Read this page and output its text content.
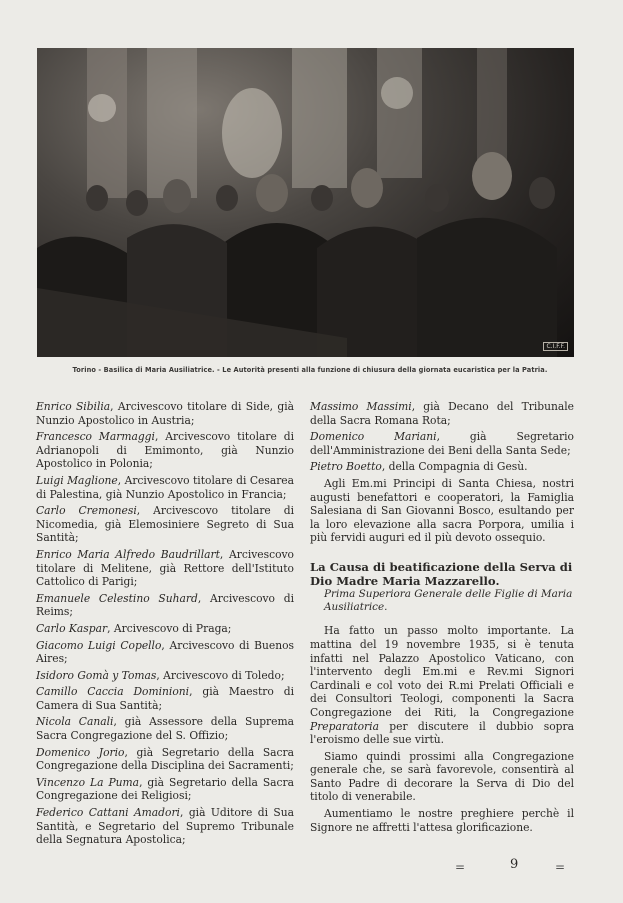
C.I.F.F.
Torino - Basilica di Maria Ausiliatrice. - Le Autorità presenti alla funzione di chiusura della giornata eucaristica per la Patria.

Enrico Sibilia, Arcivescovo titolare di Side, già Nunzio Apostolico in Austria;

Francesco Marmaggi, Arcivescovo titolare di Adrianopoli di Emimonto, già Nunzio Apostolico in Polonia;

Luigi Maglione, Arcivescovo titolare di Cesarea di Palestina, già Nunzio Apostolico in Francia;

Carlo Cremonesi, Arcivescovo titolare di Nicomedia, già Elemosiniere Segreto di Sua Santità;

Enrico Maria Alfredo Baudrillart, Arcivescovo titolare di Melitene, già Rettore dell'Istituto Cattolico di Parigi;

Emanuele Celestino Suhard, Arcivescovo di Reims;

Carlo Kaspar, Arcivescovo di Praga;

Giacomo Luigi Copello, Arcivescovo di Buenos Aires;

Isidoro Gomà y Tomas, Arcivescovo di Toledo;

Camillo Caccia Dominioni, già Maestro di Camera di Sua Santità;

Nicola Canali, già Assessore della Suprema Sacra Congregazione del S. Offizio;

Domenico Jorio, già Segretario della Sacra Congregazione della Disciplina dei Sacramenti;

Vincenzo La Puma, già Segretario della Sacra Congregazione dei Religiosi;

Federico Cattani Amadori, già Uditore di Sua Santità, e Segretario del Supremo Tribunale della Segnatura Apostolica;

Massimo Massimi, già Decano del Tribunale della Sacra Romana Rota;

Domenico Mariani, già Segretario dell'Amministrazione dei Beni della Santa Sede;

Pietro Boetto, della Compagnia di Gesù.

Agli Em.mi Principi di Santa Chiesa, nostri augusti benefattori e cooperatori, la Famiglia Salesiana di San Giovanni Bosco, esultando per la loro elevazione alla sacra Porpora, umilia i più fervidi auguri ed il più devoto ossequio.

La Causa di beatificazione della Serva di Dio Madre Maria Mazzarello.
Prima Superiora Generale delle Figlie di Maria Ausiliatrice.

Ha fatto un passo molto importante. La mattina del 19 novembre 1935, si è tenuta infatti nel Palazzo Apostolico Vaticano, con l'intervento degli Em.mi e Rev.mi Signori Cardinali e col voto dei R.mi Prelati Officiali e dei Consultori Teologi, componenti la Sacra Congregazione dei Riti, la Congregazione Preparatoria per discutere il dubbio sopra l'eroismo delle sue virtù.

Siamo quindi prossimi alla Congregazione generale che, se sarà favorevole, consentirà al Santo Padre di decorare la Serva di Dio del titolo di venerabile.

Aumentiamo le nostre preghiere perchè il Signore ne affretti l'attesa glorificazione.

=	9	=
